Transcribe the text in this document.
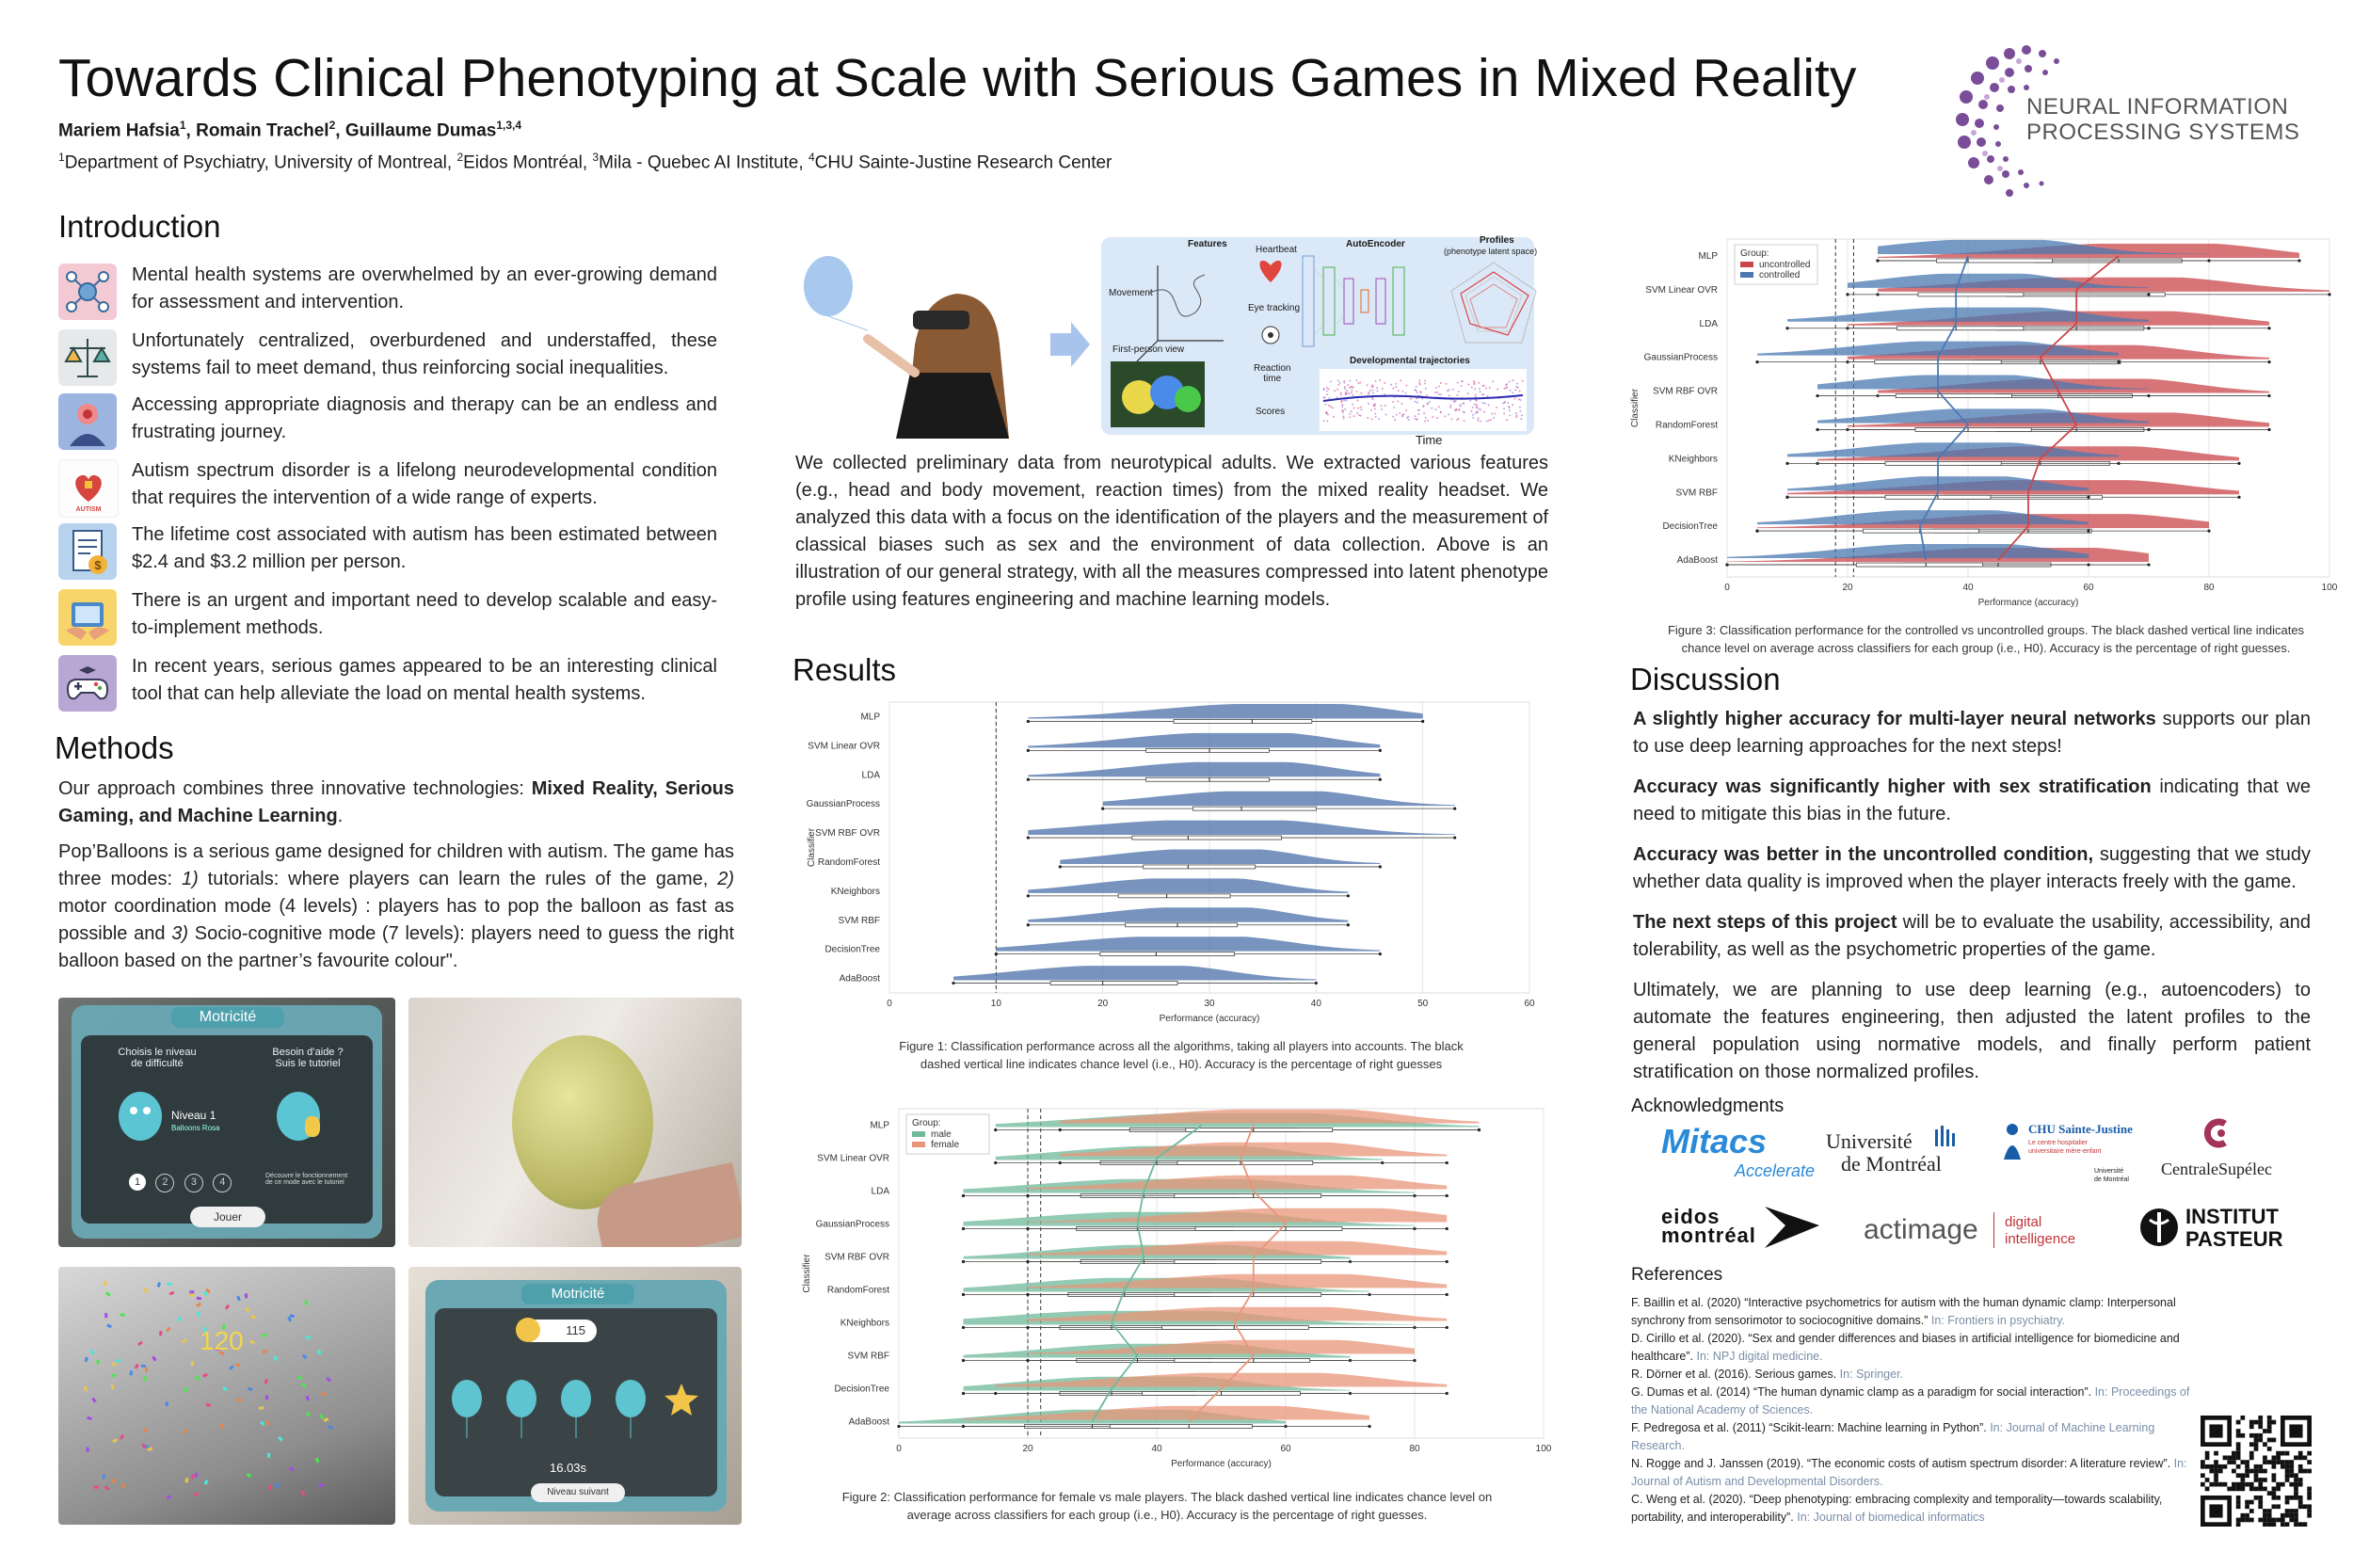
Towards Clinical Phenotyping at Scale with Serious Games in Mixed Reality
Mariem Hafsia$^1$, Romain Trachel$^2$, Guillaume Dumas$^{1,3,4}$
$^1$Department of Psychiatry, University of Montreal, $^2$Eidos Montréal, $^3$Mila - Quebec AI Institute, $^4$CHU Sainte-Justine Research Center
NEURAL INFORMATION
PROCESSING SYSTEMS
Introduction
Mental health systems are overwhelmed by an ever-growing demand for assessment and intervention.
Unfortunately centralized, overburdened and understaffed, these systems fail to meet demand, thus reinforcing social inequalities.
Accessing appropriate diagnosis and therapy can be an endless and frustrating journey.
AUTISM
Autism spectrum disorder is a lifelong neurodevelopmental condition that requires the intervention of a wide range of experts.
$
The lifetime cost associated with autism has been estimated between $2.4 and $3.2 million per person.
There is an urgent and important need to develop scalable and easy-to-implement methods.
In recent years, serious games appeared to be an interesting clinical tool that can help alleviate the load on mental health systems.
Methods
Our approach combines three innovative technologies: Mixed Reality, Serious Gaming, and Machine Learning.
Pop’Balloons is a serious game designed for children with autism. The game has three modes: 1) tutorials: where players can learn the rules of the game, 2) motor coordination mode (4 levels) : players has to pop the balloon as fast as possible and 3) Socio-cognitive mode (7 levels): players need to guess the right balloon based on the partner’s favourite colour".
Motricité
Choisis le niveau
de difficulté
Besoin d’aide ?
Suis le tutoriel
Niveau 1
Balloons Rosa
1 2 3 4
Découvre le fonctionnement
de ce mode avec le tutoriel
Jouer
120
Motricité
115
16.03s
Niveau suivant
Features
Heartbeat
Movement
Eye tracking
First-person view
Reaction
time
Scores
AutoEncoder	Profiles
(phenotype latent space)
Developmental trajectories
Time
We collected preliminary data from neurotypical adults. We extracted various features (e.g., head and body movement, reaction times) from the mixed reality headset. We analyzed this data with a focus on the identification of the players and the measurement of classical biases such as sex and the environment of data collection. Above is an illustration of our general strategy, with all the measures compressed into latent phenotype profile using features engineering and machine learning models.
Results
0	10	20	30	40	50	60
Performance (accuracy)
Classifier
MLP
SVM Linear OVR
LDA
GaussianProcess
SVM RBF OVR
RandomForest
KNeighbors
SVM RBF
DecisionTree
AdaBoost
Figure 1: Classification performance across all the algorithms, taking all players into accounts. The black dashed vertical line indicates chance level (i.e., H0). Accuracy is the percentage of right guesses
0	20	40	60	80	100
Performance (accuracy)
Classifier
MLP
SVM Linear OVR
LDA
GaussianProcess
SVM RBF OVR
RandomForest
KNeighbors
SVM RBF
DecisionTree
AdaBoost
Group:
male
female
Figure 2: Classification performance for female vs male players. The black dashed vertical line indicates chance level on average across classifiers for each group (i.e., H0). Accuracy is the percentage of right guesses.
0	20	40	60	80	100
Performance (accuracy)
Classifier
MLP
SVM Linear OVR
LDA
GaussianProcess
SVM RBF OVR
RandomForest
KNeighbors
SVM RBF
DecisionTree
AdaBoost
Group:
uncontrolled
controlled
Figure 3: Classification performance for the controlled vs uncontrolled groups. The black dashed vertical line indicates chance level on average across classifiers for each group (i.e., H0). Accuracy is the percentage of right guesses.
Discussion

A slightly higher accuracy for multi-layer neural networks supports our plan to use deep learning approaches for the next steps!

Accuracy was significantly higher with sex stratification indicating that we need to mitigate this bias in the future.

Accuracy was better in the uncontrolled condition, suggesting that we study whether data quality is improved when the player interacts freely with the game.

The next steps of this project will be to evaluate the usability, accessibility, and tolerability, as well as the psychometric properties of the game.

Ultimately, we are planning to use deep learning (e.g., autoencoders) to automate the features engineering, then adjusted the latent profiles to the general population using normative models, and finally perform patient stratification on those normalized profiles.

Acknowledgments
Mitacs
Accelerate
Université
de Montréal
CHU Sainte-Justine
Le centre hospitalier
universitaire mère-enfant
Université
de Montréal
CentraleSupélec
eidos
montréal	actimage digital
intelligence
INSTITUT
PASTEUR
References
F. Baillin et al. (2020) “Interactive psychometrics for autism with the human dynamic clamp: Interpersonal synchrony from sensorimotor to sociocognitive domains.” In: Frontiers in psychiatry.
D. Cirillo et al. (2020). “Sex and gender differences and biases in artificial intelligence for biomedicine and healthcare”. In: NPJ digital medicine.
R. Dörner et al. (2016). Serious games. In: Springer.
G. Dumas et al. (2014) “The human dynamic clamp as a paradigm for social interaction”. In: Proceedings of the National Academy of Sciences.
F. Pedregosa et al. (2011) “Scikit-learn: Machine learning in Python”. In: Journal of Machine Learning Research.
N. Rogge and J. Janssen (2019). “The economic costs of autism spectrum disorder: A literature review”. In: Journal of Autism and Developmental Disorders.
C. Weng et al. (2020). “Deep phenotyping: embracing complexity and temporality—towards scalability, portability, and interoperability”. In: Journal of biomedical informatics
